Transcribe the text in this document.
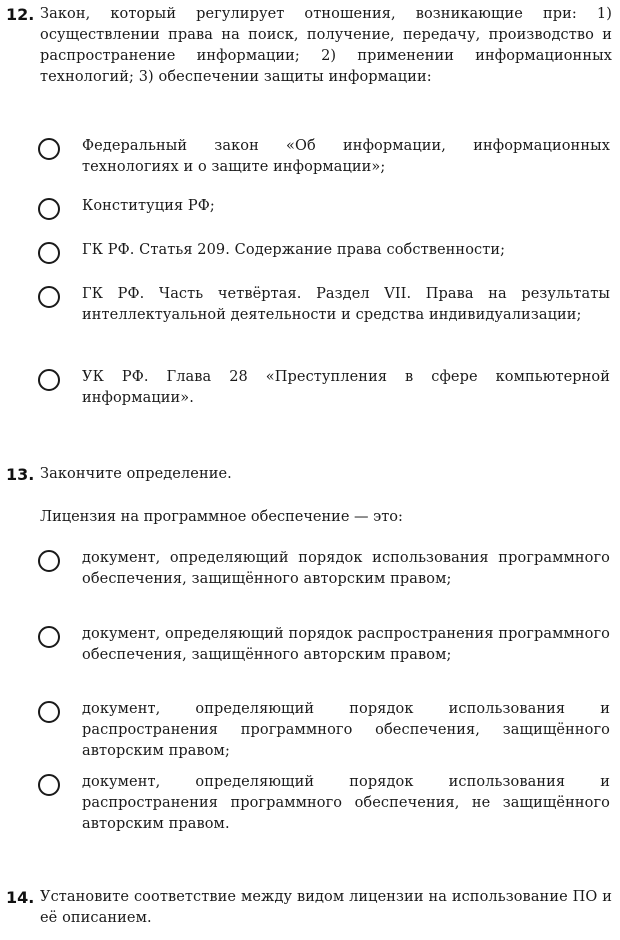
12. Закон, который регулирует отношения, возникающие при: 1) осуществлении права на поиск, получение, передачу, производство и распространение информации; 2) применении информационных технологий; 3) обеспечении защиты информации:
Федеральный закон «Об информации, информационных технологиях и о защите информации»;
Конституция РФ;
ГК РФ. Статья 209. Содержание права собственности;
ГК РФ. Часть четвёртая. Раздел VII. Права на результаты интеллектуальной деятельности и средства индивидуализации;
УК РФ. Глава 28 «Преступления в сфере компьютерной информации».
13. Закончите определение.
Лицензия на программное обеспечение — это:
документ, определяющий порядок использования программного обеспечения, защищённого авторским правом;
документ, определяющий порядок распространения программного обеспечения, защищённого авторским правом;
документ, определяющий порядок использования и распространения программного обеспечения, защищённого авторским правом;
документ, определяющий порядок использования и распространения программного обеспечения, не защищённого авторским правом.
14. Установите соответствие между видом лицензии на использование ПО и её описанием.
